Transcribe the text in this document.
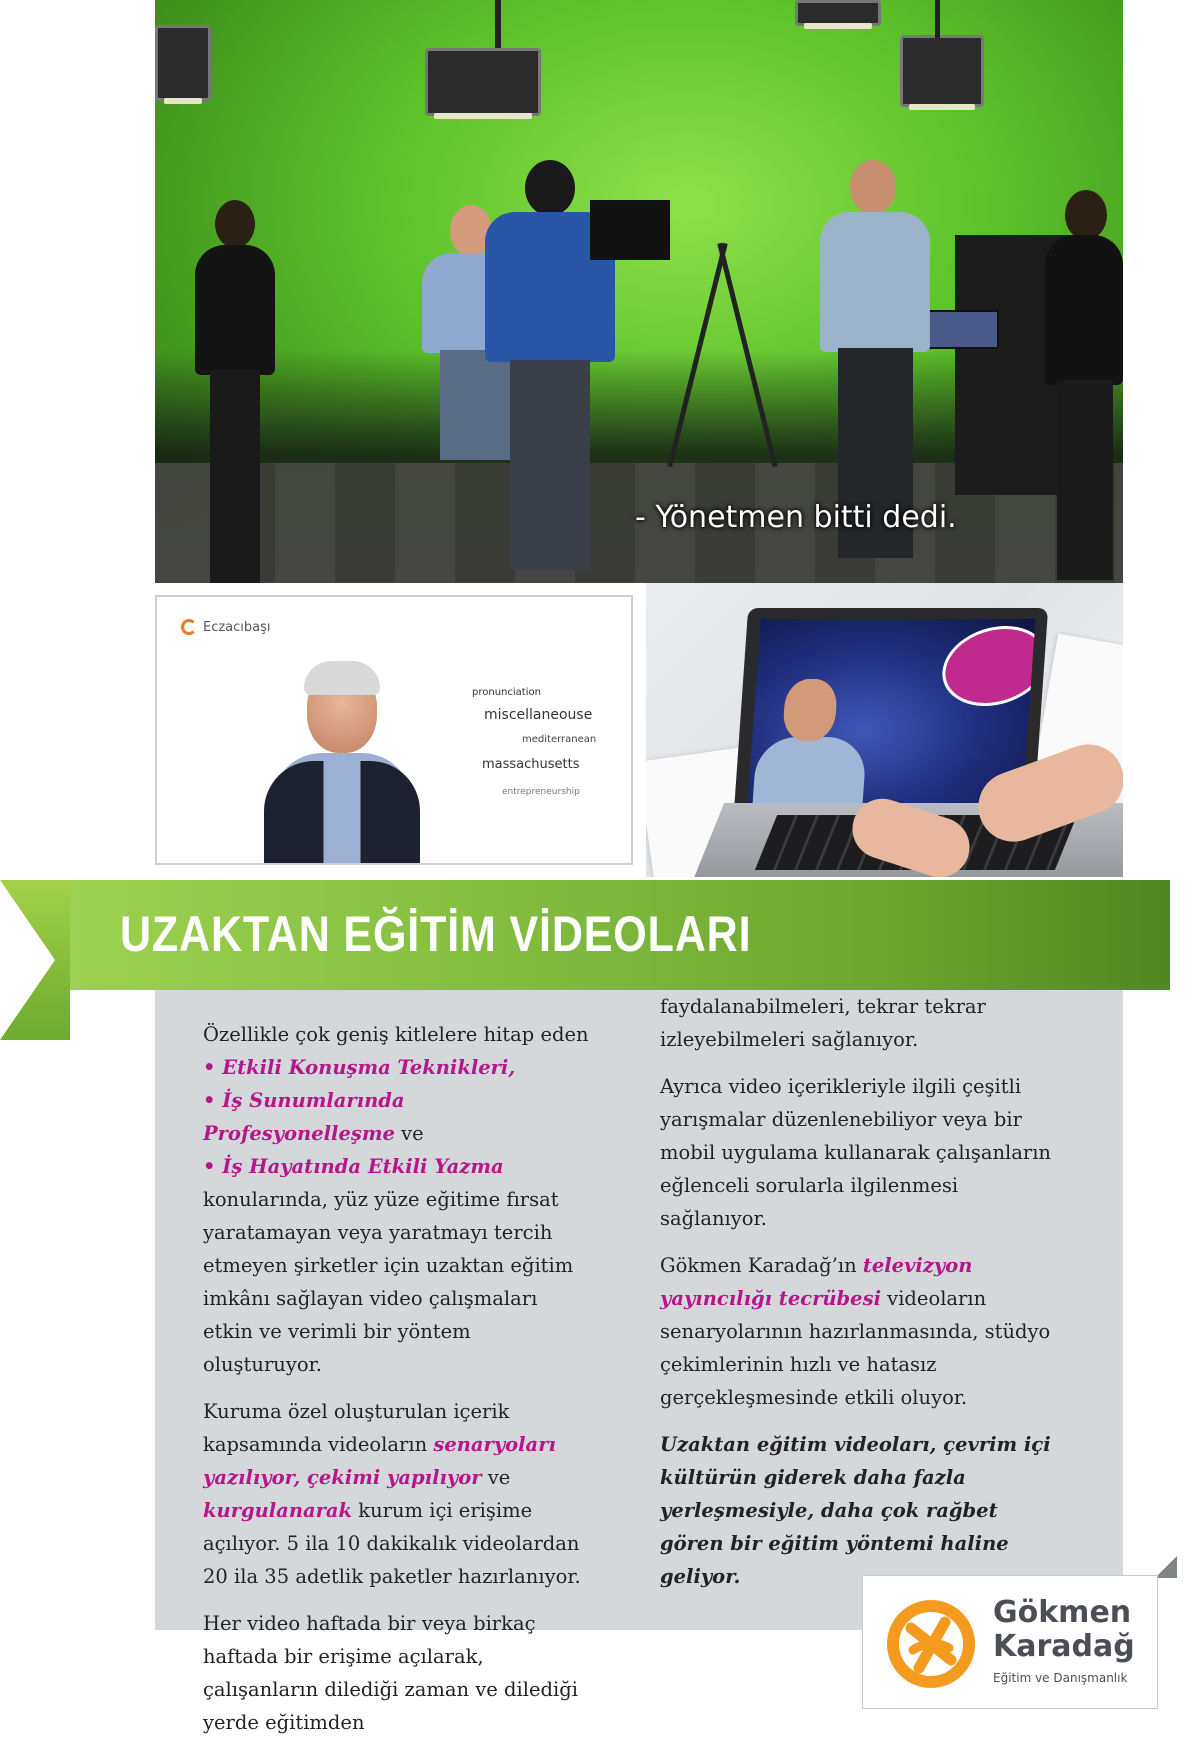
- Yönetmen bitti dedi.
Eczacıbaşı
pronunciation
miscellaneouse
mediterranean
massachusetts
entrepreneurship
UZAKTAN EĞİTİM VİDEOLARI

Özellikle çok geniş kitlelere hitap eden
• Etkili Konuşma Teknikleri,
• İş Sunumlarında Profesyonelleşme ve
• İş Hayatında Etkili Yazma konularında, yüz yüze eğitime fırsat yaratamayan veya yaratmayı tercih etmeyen şirketler için uzaktan eğitim imkânı sağlayan video çalışmaları etkin ve verimli bir yöntem oluşturuyor.

Kuruma özel oluşturulan içerik kapsamında videoların senaryoları yazılıyor, çekimi yapılıyor ve kurgulanarak kurum içi erişime açılıyor. 5 ila 10 dakikalık videolardan 20 ila 35 adetlik paketler hazırlanıyor.

Her video haftada bir veya birkaç haftada bir erişime açılarak, çalışanların dilediği zaman ve dilediği yerde eğitimden

faydalanabilmeleri, tekrar tekrar izleyebilmeleri sağlanıyor.

Ayrıca video içerikleriyle ilgili çeşitli yarışmalar düzenlenebiliyor veya bir mobil uygulama kullanarak çalışanların eğlenceli sorularla ilgilenmesi sağlanıyor.

Gökmen Karadağ’ın televizyon yayıncılığı tecrübesi videoların senaryolarının hazırlanmasında, stüdyo çekimlerinin hızlı ve hatasız gerçekleşmesinde etkili oluyor.

Uzaktan eğitim videoları, çevrim içi kültürün giderek daha fazla yerleşmesiyle, daha çok rağbet gören bir eğitim yöntemi haline geliyor.

Gökmen
Karadağ
Eğitim ve Danışmanlık
